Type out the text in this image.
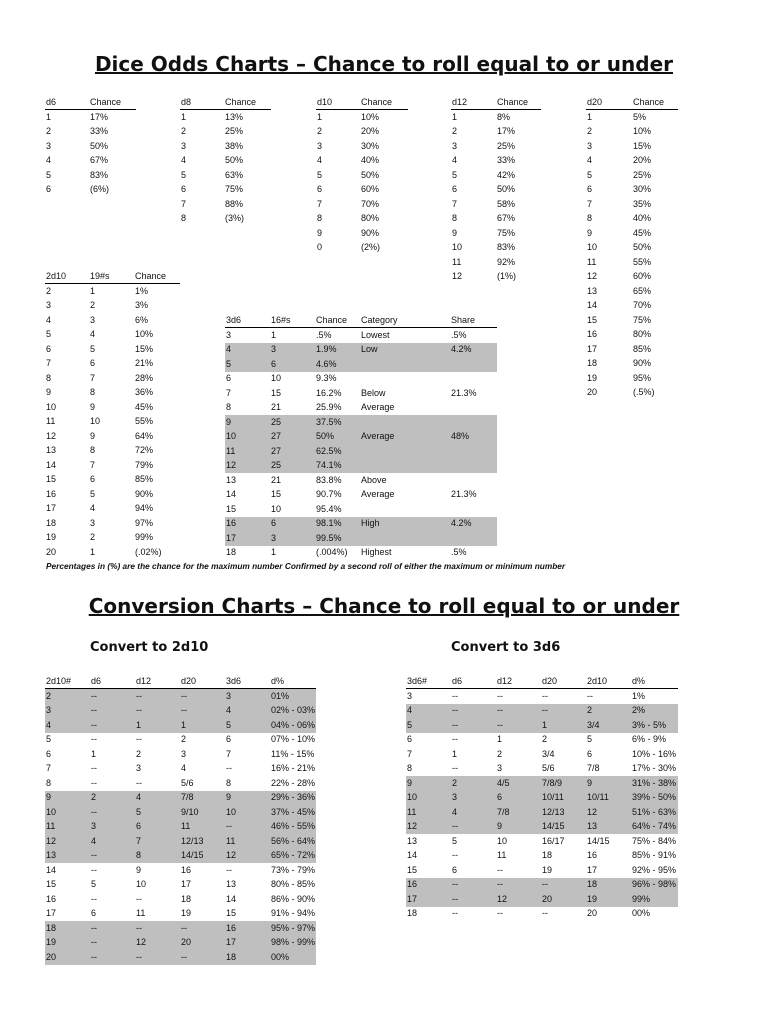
Dice Odds Charts – Chance to roll equal to or under
d6	Chance
1	17%
2	33%
3	50%
4	67%
5	83%
6	(6%)
d8	Chance
1	13%
2	25%
3	38%
4	50%
5	63%
6	75%
7	88%
8	(3%)
d10	Chance
1	10%
2	20%
3	30%
4	40%
5	50%
6	60%
7	70%
8	80%
9	90%
0	(2%)
d12	Chance
1	8%
2	17%
3	25%
4	33%
5	42%
6	50%
7	58%
8	67%
9	75%
10	83%
11	92%
12	(1%)
d20	Chance
1	5%
2	10%
3	15%
4	20%
5	25%
6	30%
7	35%
8	40%
9	45%
10	50%
11	55%
12	60%
13	65%
14	70%
15	75%
16	80%
17	85%
18	90%
19	95%
20	(.5%)
2d10	19#s	Chance
2	1	1%
3	2	3%
4	3	6%
5	4	10%
6	5	15%
7	6	21%
8	7	28%
9	8	36%
10	9	45%
11	10	55%
12	9	64%
13	8	72%
14	7	79%
15	6	85%
16	5	90%
17	4	94%
18	3	97%
19	2	99%
20	1	(.02%)
3d6	16#s	Chance	Category	Share
3	1	.5%	Lowest	.5%
4	3	1.9%	Low	4.2%
5	6	4.6%		
6	10	9.3%		
7	15	16.2%	Below	21.3%
8	21	25.9%	Average	
9	25	37.5%		
10	27	50%	Average	48%
11	27	62.5%		
12	25	74.1%		
13	21	83.8%	Above	
14	15	90.7%	Average	21.3%
15	10	95.4%		
16	6	98.1%	High	4.2%
17	3	99.5%		
18	1	(.004%)	Highest	.5%

Percentages in (%) are the chance for the maximum number Confirmed by a second roll of either the maximum or minimum number

Conversion Charts – Chance to roll equal to or under
Convert to 2d10	Convert to 3d6
2d10#	d6	d12	d20	3d6	d%
2	--	--	--	3	01%
3	--	--	--	4	02% - 03%
4	--	1	1	5	04% - 06%
5	--	--	2	6	07% - 10%
6	1	2	3	7	11% - 15%
7	--	3	4	--	16% - 21%
8	--	--	5/6	8	22% - 28%
9	2	4	7/8	9	29% - 36%
10	--	5	9/10	10	37% - 45%
11	3	6	11	--	46% - 55%
12	4	7	12/13	11	56% - 64%
13	--	8	14/15	12	65% - 72%
14	--	9	16	--	73% - 79%
15	5	10	17	13	80% - 85%
16	--	--	18	14	86% - 90%
17	6	11	19	15	91% - 94%
18	--	--	--	16	95% - 97%
19	--	12	20	17	98% - 99%
20	--	--	--	18	00%
3d6#	d6	d12	d20	2d10	d%
3	--	--	--	--	1%
4	--	--	--	2	2%
5	--	--	1	3/4	3% - 5%
6	--	1	2	5	6% - 9%
7	1	2	3/4	6	10% - 16%
8	--	3	5/6	7/8	17% - 30%
9	2	4/5	7/8/9	9	31% - 38%
10	3	6	10/11	10/11	39% - 50%
11	4	7/8	12/13	12	51% - 63%
12	--	9	14/15	13	64% - 74%
13	5	10	16/17	14/15	75% - 84%
14	--	11	18	16	85% - 91%
15	6	--	19	17	92% - 95%
16	--	--	--	18	96% - 98%
17	--	12	20	19	99%
18	--	--	--	20	00%
